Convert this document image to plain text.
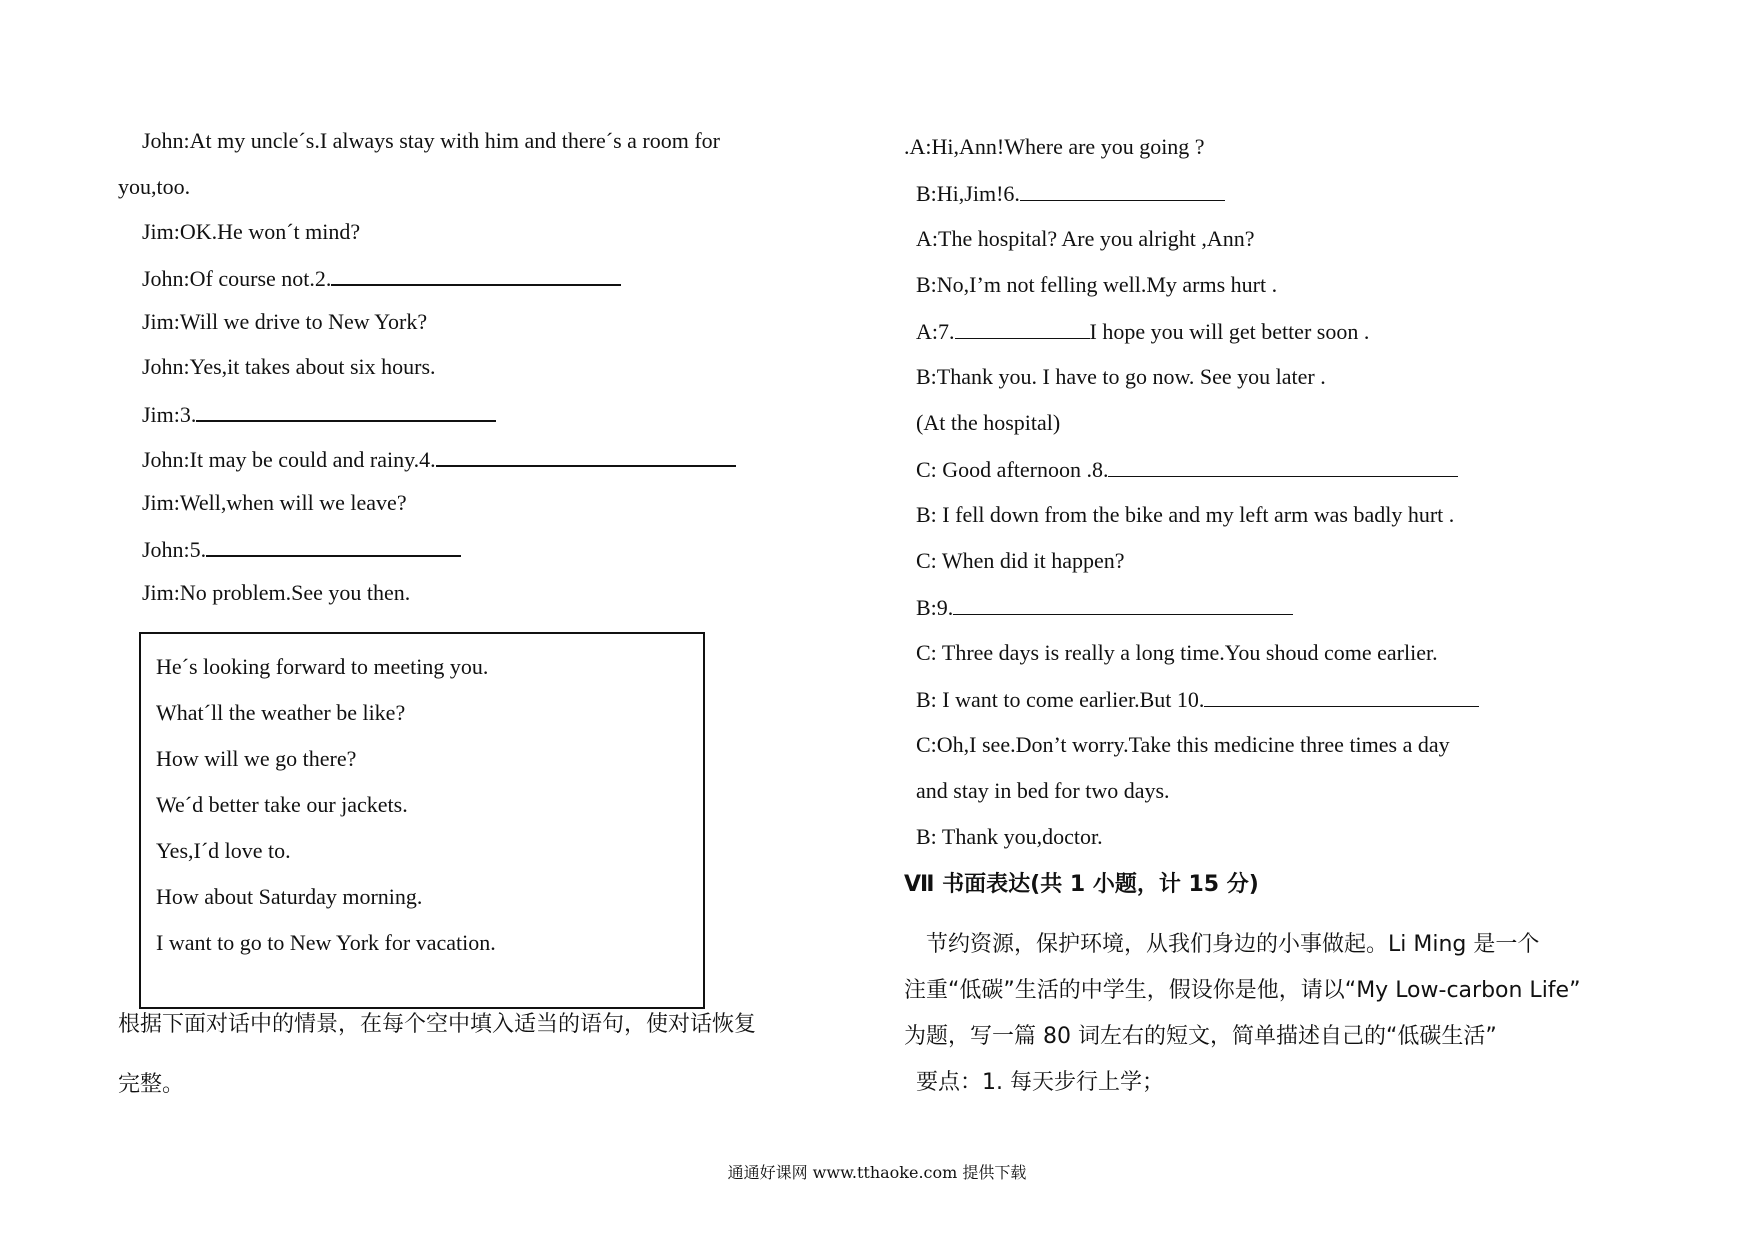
John:At my uncle´s.I always stay with him and there´s a room for
you,too.
Jim:OK.He won´t mind?
John:Of course not.2.
Jim:Will we drive to New York?
John:Yes,it takes about six hours.
Jim:3.
John:It may be could and rainy.4.
Jim:Well,when will we leave?
John:5.
Jim:No problem.See you then.
He´s looking forward to meeting you.
What´ll the weather be like?
How will we go there?
We´d better take our jackets.
Yes,I´d love to.
How about Saturday morning.
I want to go to New York for vacation.
根据下面对话中的情景，在每个空中填入适当的语句，使对话恢复
完整。
.A:Hi,Ann!Where are you going ?
B:Hi,Jim!6.
A:The hospital? Are you alright ,Ann?
B:No,I’m not felling well.My arms hurt .
A:7.	I hope you will get better soon .
B:Thank you. I have to go now. See you later .
(At the hospital)
C: Good afternoon .8.
B: I fell down from the bike and my left arm was badly hurt .
C: When did it happen?
B:9.
C: Three days is really a long time.You shoud come earlier.
B: I want to come earlier.But 10.
C:Oh,I see.Don’t worry.Take this medicine three times a day
and stay in bed for two days.
B: Thank you,doctor.
Ⅶ 书面表达(共 1 小题，计 15 分)
节约资源，保护环境，从我们身边的小事做起。Li Ming 是一个
注重“低碳”生活的中学生，假设你是他，请以“My Low-carbon Life”
为题，写一篇 80 词左右的短文，简单描述自己的“低碳生活”
要点：1. 每天步行上学；
通通好课网 www.tthaoke.com 提供下载
